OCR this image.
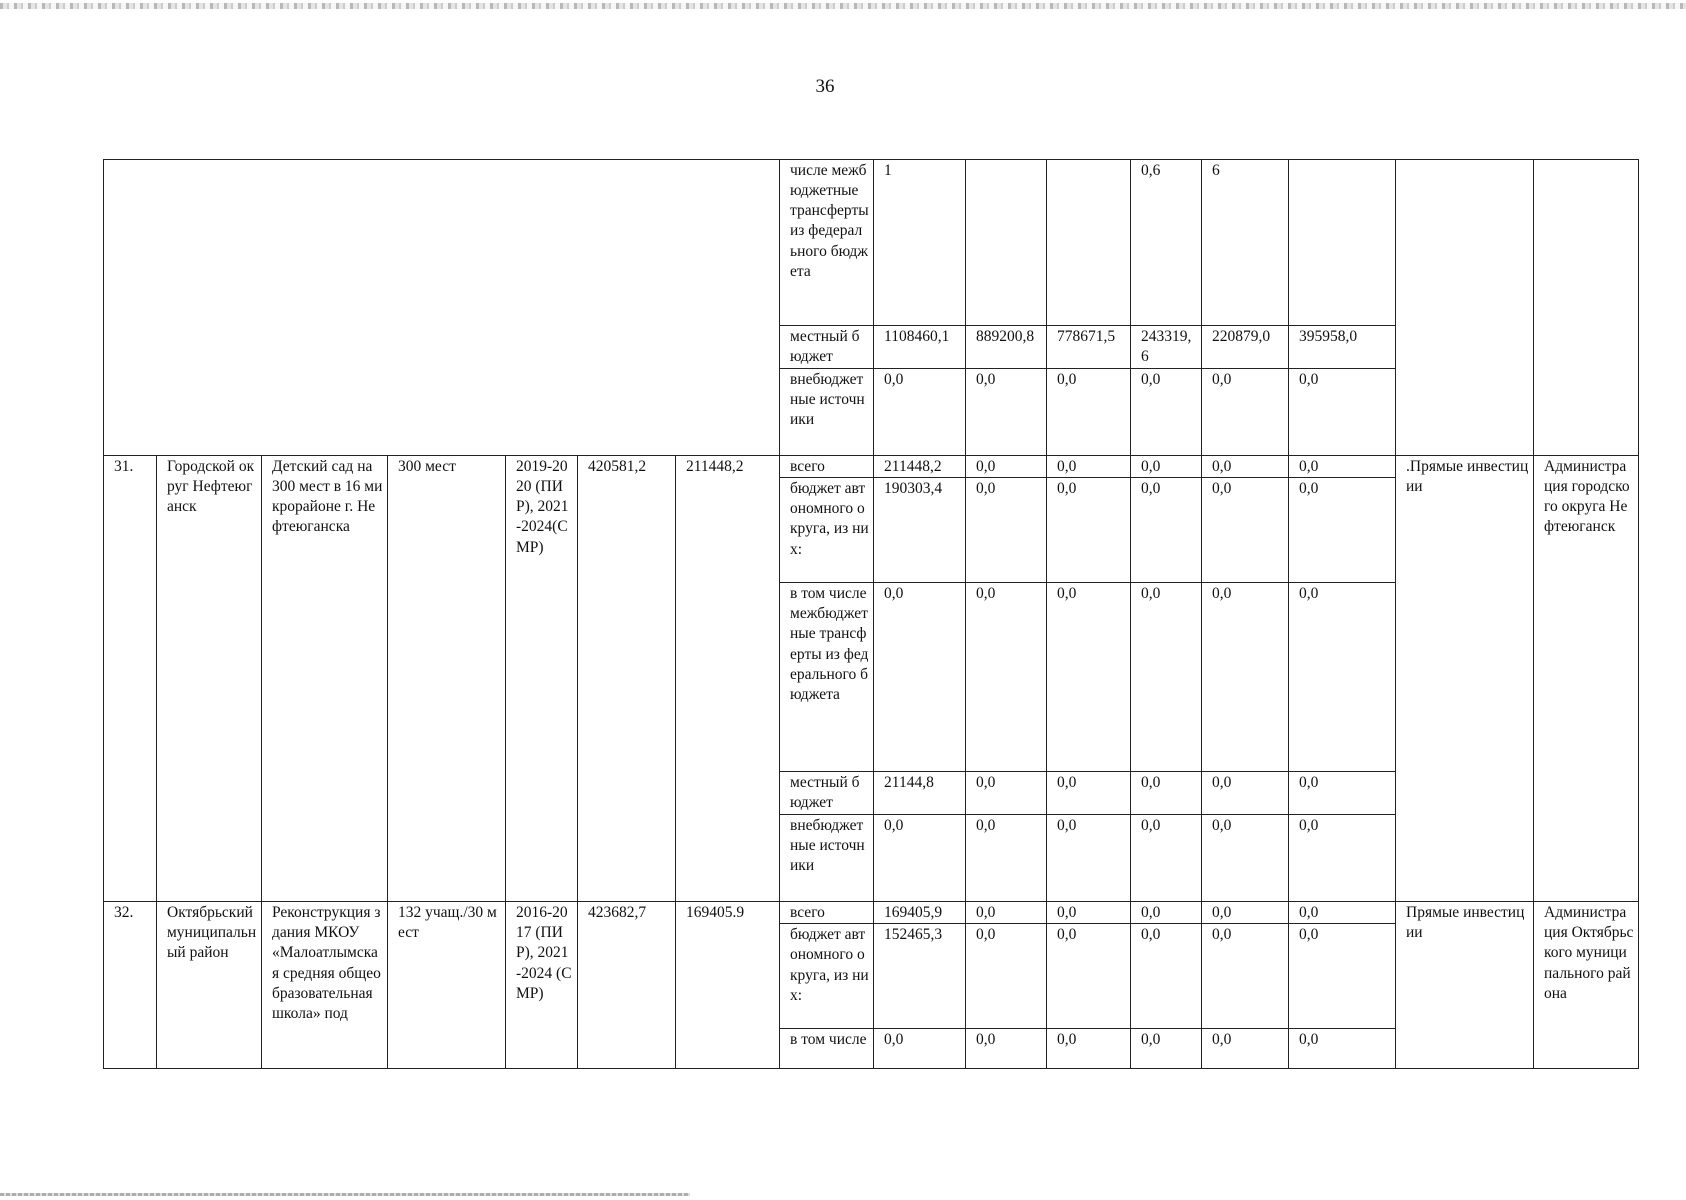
36
							числе межбюджетные трансферты из федерального бюджета	1			0,6	6			
							местный бюджет	1108460,1	889200,8	778671,5	243319,6	220879,0	395958,0		
							внебюджетные источники	0,0	0,0	0,0	0,0	0,0	0,0		
31.	Городской округ Нефтеюганск	Детский сад на 300 мест в 16 микрорайоне г. Нефтеюганска	300 мест	2019-2020 (ПИР), 2021-2024(СМР)	420581,2	211448,2	всего	211448,2	0,0	0,0	0,0	0,0	0,0	.Прямые инвестиции	Администрация городского округа Нефтеюганск
							бюджет автономного округа, из них:	190303,4	0,0	0,0	0,0	0,0	0,0		
							в том числе межбюджетные трансферты из федерального бюджета	0,0	0,0	0,0	0,0	0,0	0,0		
							местный бюджет	21144,8	0,0	0,0	0,0	0,0	0,0		
							внебюджетные источники	0,0	0,0	0,0	0,0	0,0	0,0		
32.	Октябрьский муниципальный район	Реконструкция здания МКОУ «Малоатлымская средняя общеобразовательная школа» под	132 учащ./30 мест	2016-2017 (ПИР), 2021-2024 (СМР)	423682,7	169405.9	всего	169405,9	0,0	0,0	0,0	0,0	0,0	Прямые инвестиции	Администрация Октябрьского муниципального района
							бюджет автономного округа, из них:	152465,3	0,0	0,0	0,0	0,0	0,0		
							в том числе	0,0	0,0	0,0	0,0	0,0	0,0		
